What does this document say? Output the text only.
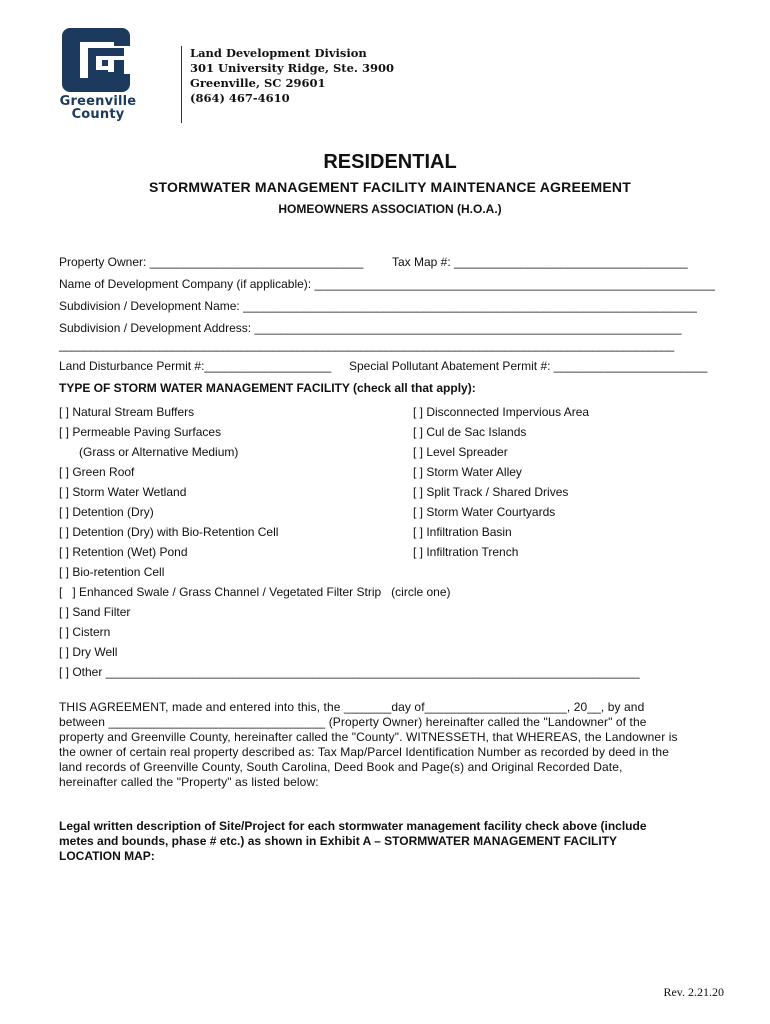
Greenville
County
Land Development Division
301 University Ridge, Ste. 3900
Greenville, SC 29601
(864) 467-4610
RESIDENTIAL
STORMWATER MANAGEMENT FACILITY MAINTENANCE AGREEMENT
HOMEOWNERS ASSOCIATION (H.O.A.)
Property Owner: ________________________________ Tax Map #: ___________________________________
Name of Development Company (if applicable): ____________________________________________________________
Subdivision / Development Name: ____________________________________________________________________
Subdivision / Development Address: ________________________________________________________________
__________________________________________________________________________________________________
Land Disturbance Permit #:___________________ Special Pollutant Abatement Permit #: _______________________
TYPE OF STORM WATER MANAGEMENT FACILITY (check all that apply):
[ ] Natural Stream Buffers
[ ] Permeable Paving Surfaces
(Grass or Alternative Medium)
[ ] Green Roof
[ ] Storm Water Wetland
[ ] Detention (Dry)
[ ] Detention (Dry) with Bio-Retention Cell
[ ] Retention (Wet) Pond
[ ] Bio-retention Cell
[   ] Enhanced Swale / Grass Channel / Vegetated Filter Strip   (circle one)
[ ] Sand Filter
[ ] Cistern
[ ] Dry Well
[ ] Other ________________________________________________________________________________
[ ] Disconnected Impervious Area
[ ] Cul de Sac Islands
[ ] Level Spreader
[ ] Storm Water Alley
[ ] Split Track / Shared Drives
[ ] Storm Water Courtyards
[ ] Infiltration Basin
[ ] Infiltration Trench
THIS AGREEMENT, made and entered into this, the _______day of_____________________, 20__, by and
between ________________________________ (Property Owner) hereinafter called the "Landowner" of the
property and Greenville County, hereinafter called the "County". WITNESSETH, that WHEREAS, the Landowner is
the owner of certain real property described as: Tax Map/Parcel Identification Number as recorded by deed in the
land records of Greenville County, South Carolina, Deed Book and Page(s) and Original Recorded Date,
hereinafter called the "Property" as listed below:
Legal written description of Site/Project for each stormwater management facility check above (include
metes and bounds, phase # etc.) as shown in Exhibit A – STORMWATER MANAGEMENT FACILITY
LOCATION MAP:
Rev. 2.21.20
